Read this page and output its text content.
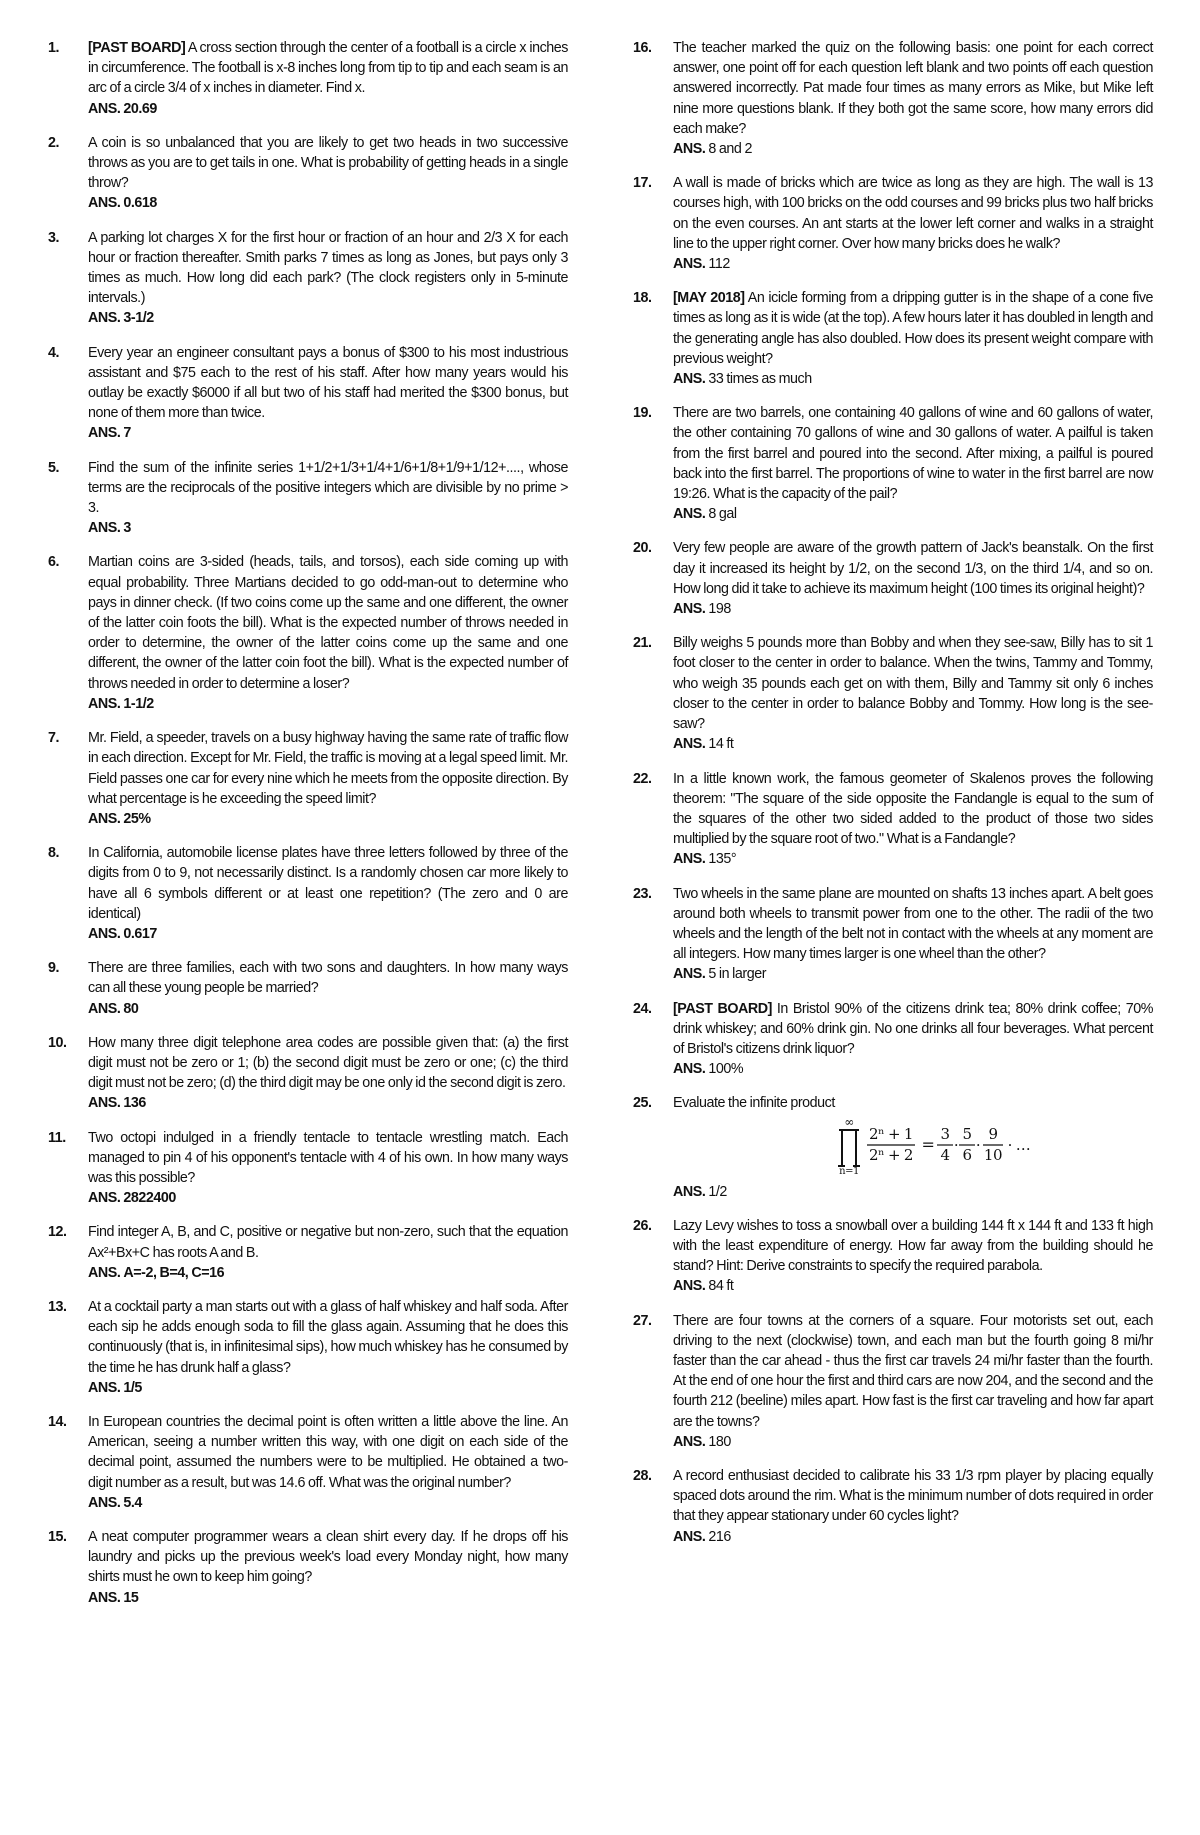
1.	[PAST BOARD] A cross section through the center of a football is a circle x inches in circumference. The football is x-8 inches long from tip to tip and each seam is an arc of a circle 3/4 of x inches in diameter. Find x.
ANS. 20.69
2.	A coin is so unbalanced that you are likely to get two heads in two successive throws as you are to get tails in one. What is probability of getting heads in a single throw?
ANS. 0.618
3.	A parking lot charges X for the first hour or fraction of an hour and 2/3 X for each hour or fraction thereafter. Smith parks 7 times as long as Jones, but pays only 3 times as much. How long did each park? (The clock registers only in 5-minute intervals.)
ANS. 3-1/2
4.	Every year an engineer consultant pays a bonus of $300 to his most industrious assistant and $75 each to the rest of his staff. After how many years would his outlay be exactly $6000 if all but two of his staff had merited the $300 bonus, but none of them more than twice.
ANS. 7
5.	Find the sum of the infinite series 1+1/2+1/3+1/4+1/6+1/8+1/9+1/12+...., whose terms are the reciprocals of the positive integers which are divisible by no prime > 3.
ANS. 3
6.	Martian coins are 3-sided (heads, tails, and torsos), each side coming up with equal probability. Three Martians decided to go odd-man-out to determine who pays in dinner check. (If two coins come up the same and one different, the owner of the latter coin foots the bill). What is the expected number of throws needed in order to determine, the owner of the latter coins come up the same and one different, the owner of the latter coin foot the bill). What is the expected number of throws needed in order to determine a loser?
ANS. 1-1/2
7.	Mr. Field, a speeder, travels on a busy highway having the same rate of traffic flow in each direction. Except for Mr. Field, the traffic is moving at a legal speed limit. Mr. Field passes one car for every nine which he meets from the opposite direction. By what percentage is he exceeding the speed limit?
ANS. 25%
8.	In California, automobile license plates have three letters followed by three of the digits from 0 to 9, not necessarily distinct. Is a randomly chosen car more likely to have all 6 symbols different or at least one repetition? (The zero and 0 are identical)
ANS. 0.617
9.	There are three families, each with two sons and daughters. In how many ways can all these young people be married?
ANS. 80
10.	How many three digit telephone area codes are possible given that: (a) the first digit must not be zero or 1; (b) the second digit must be zero or one; (c) the third digit must not be zero; (d) the third digit may be one only id the second digit is zero.
ANS. 136
11.	Two octopi indulged in a friendly tentacle to tentacle wrestling match. Each managed to pin 4 of his opponent's tentacle with 4 of his own. In how many ways was this possible?
ANS. 2822400
12.	Find integer A, B, and C, positive or negative but non-zero, such that the equation Ax²+Bx+C has roots A and B.
ANS. A=-2, B=4, C=16
13.	At a cocktail party a man starts out with a glass of half whiskey and half soda. After each sip he adds enough soda to fill the glass again. Assuming that he does this continuously (that is, in infinitesimal sips), how much whiskey has he consumed by the time he has drunk half a glass?
ANS. 1/5
14.	In European countries the decimal point is often written a little above the line. An American, seeing a number written this way, with one digit on each side of the decimal point, assumed the numbers were to be multiplied. He obtained a two-digit number as a result, but was 14.6 off. What was the original number?
ANS. 5.4
15.	A neat computer programmer wears a clean shirt every day. If he drops off his laundry and picks up the previous week's load every Monday night, how many shirts must he own to keep him going?
ANS. 15
16.	The teacher marked the quiz on the following basis: one point for each correct answer, one point off for each question left blank and two points off each question answered incorrectly. Pat made four times as many errors as Mike, but Mike left nine more questions blank. If they both got the same score, how many errors did each make?
ANS. 8 and 2
17.	A wall is made of bricks which are twice as long as they are high. The wall is 13 courses high, with 100 bricks on the odd courses and 99 bricks plus two half bricks on the even courses. An ant starts at the lower left corner and walks in a straight line to the upper right corner. Over how many bricks does he walk?
ANS. 112
18.	[MAY 2018] An icicle forming from a dripping gutter is in the shape of a cone five times as long as it is wide (at the top). A few hours later it has doubled in length and the generating angle has also doubled. How does its present weight compare with previous weight?
ANS. 33 times as much
19.	There are two barrels, one containing 40 gallons of wine and 60 gallons of water, the other containing 70 gallons of wine and 30 gallons of water. A pailful is taken from the first barrel and poured into the second. After mixing, a pailful is poured back into the first barrel. The proportions of wine to water in the first barrel are now 19:26. What is the capacity of the pail?
ANS. 8 gal
20.	Very few people are aware of the growth pattern of Jack's beanstalk. On the first day it increased its height by 1/2, on the second 1/3, on the third 1/4, and so on. How long did it take to achieve its maximum height (100 times its original height)?
ANS. 198
21.	Billy weighs 5 pounds more than Bobby and when they see-saw, Billy has to sit 1 foot closer to the center in order to balance. When the twins, Tammy and Tommy, who weigh 35 pounds each get on with them, Billy and Tammy sit only 6 inches closer to the center in order to balance Bobby and Tommy. How long is the see-saw?
ANS. 14 ft
22.	In a little known work, the famous geometer of Skalenos proves the following theorem: "The square of the side opposite the Fandangle is equal to the sum of the squares of the other two sided added to the product of those two sides multiplied by the square root of two." What is a Fandangle?
ANS. 135°
23.	Two wheels in the same plane are mounted on shafts 13 inches apart. A belt goes around both wheels to transmit power from one to the other. The radii of the two wheels and the length of the belt not in contact with the wheels at any moment are all integers. How many times larger is one wheel than the other?
ANS. 5 in larger
24.	[PAST BOARD] In Bristol 90% of the citizens drink tea; 80% drink coffee; 70% drink whiskey; and 60% drink gin. No one drinks all four beverages. What percent of Bristol's citizens drink liquor?
ANS. 100%
25.	Evaluate the infinite product
∞
n=1
2ⁿ + 1
2ⁿ + 2
=
3
4
·
5
6
·
9
10
· …
ANS. 1/2
26.	Lazy Levy wishes to toss a snowball over a building 144 ft x 144 ft and 133 ft high with the least expenditure of energy. How far away from the building should he stand? Hint: Derive constraints to specify the required parabola.
ANS. 84 ft
27.	There are four towns at the corners of a square. Four motorists set out, each driving to the next (clockwise) town, and each man but the fourth going 8 mi/hr faster than the car ahead - thus the first car travels 24 mi/hr faster than the fourth. At the end of one hour the first and third cars are now 204, and the second and the fourth 212 (beeline) miles apart. How fast is the first car traveling and how far apart are the towns?
ANS. 180
28.	A record enthusiast decided to calibrate his 33 1/3 rpm player by placing equally spaced dots around the rim. What is the minimum number of dots required in order that they appear stationary under 60 cycles light?
ANS. 216
